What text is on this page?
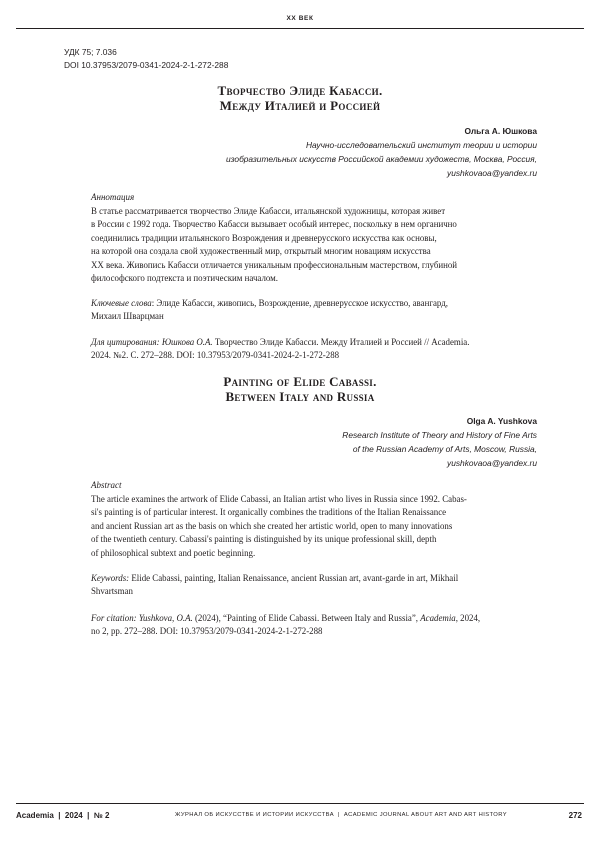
XX ВЕК
УДК 75; 7.036
DOI 10.37953/2079-0341-2024-2-1-272-288
Творчество Элиде Кабасси.
Между Италией и Россией
Ольга А. Юшкова
Научно-исследовательский институт теории и истории
изобразительных искусств Российской академии художеств, Москва, Россия,
yushkovaoa@yandex.ru
Аннотация
В статье рассматривается творчество Элиде Кабасси, итальянской художницы, которая живет
в России с 1992 года. Творчество Кабасси вызывает особый интерес, поскольку в нем органично
соединились традиции итальянского Возрождения и древнерусского искусства как основы,
на которой она создала свой художественный мир, открытый многим новациям искусства
XX века. Живопись Кабасси отличается уникальным профессиональным мастерством, глубиной
философского подтекста и поэтическим началом.
Ключевые слова: Элиде Кабасси, живопись, Возрождение, древнерусское искусство, авангард,
Михаил Шварцман
Для цитирования: Юшкова О.А. Творчество Элиде Кабасси. Между Италией и Россией // Academia.
2024. №2. С. 272–288. DOI: 10.37953/2079-0341-2024-2-1-272-288
Painting of Elide Cabassi.
Between Italy and Russia
Olga A. Yushkova
Research Institute of Theory and History of Fine Arts
of the Russian Academy of Arts, Moscow, Russia,
yushkovaoa@yandex.ru
Abstract
The article examines the artwork of Elide Cabassi, an Italian artist who lives in Russia since 1992. Cabas-
si's painting is of particular interest. It organically combines the traditions of the Italian Renaissance
and ancient Russian art as the basis on which she created her artistic world, open to many innovations
of the twentieth century. Cabassi's painting is distinguished by its unique professional skill, depth
of philosophical subtext and poetic beginning.
Keywords: Elide Cabassi, painting, Italian Renaissance, ancient Russian art, avant-garde in art, Mikhail
Shvartsman
For citation: Yushkova, O.A. (2024), “Painting of Elide Cabassi. Between Italy and Russia”, Academia, 2024,
no 2, pp. 272–288. DOI: 10.37953/2079-0341-2024-2-1-272-288
Academia  |  2024  |  № 2	ЖУРНАЛ ОБ ИСКУССТВЕ И ИСТОРИИ ИСКУССТВА  |  ACADEMIC JOURNAL ABOUT ART AND ART HISTORY	272
